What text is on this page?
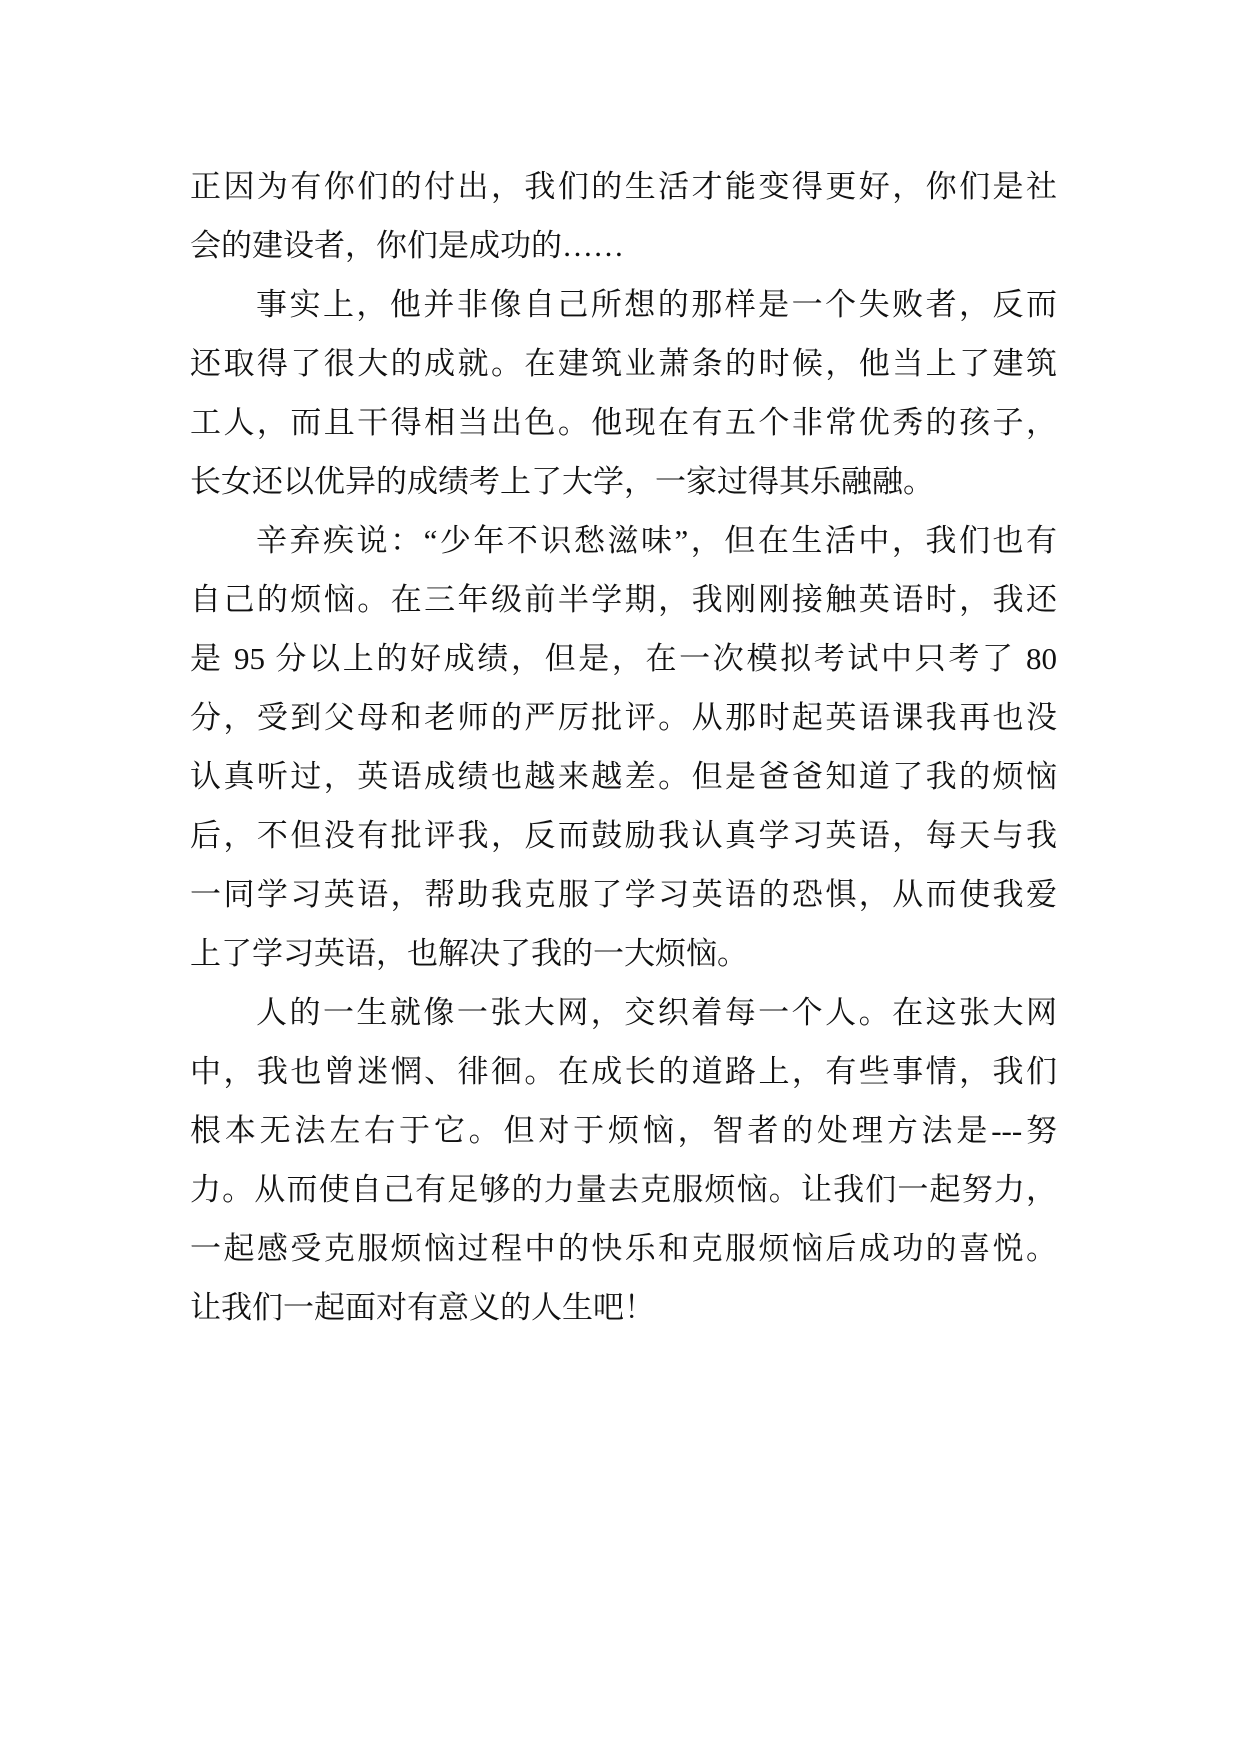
正因为有你们的付出，我们的生活才能变得更好，你们是社
会的建设者，你们是成功的……
事实上，他并非像自己所想的那样是一个失败者，反而
还取得了很大的成就。在建筑业萧条的时候，他当上了建筑
工人，而且干得相当出色。他现在有五个非常优秀的孩子，
长女还以优异的成绩考上了大学，一家过得其乐融融。
辛弃疾说：“少年不识愁滋味”，但在生活中，我们也有
自己的烦恼。在三年级前半学期，我刚刚接触英语时，我还
是 95 分以上的好成绩，但是，在一次模拟考试中只考了 80
分，受到父母和老师的严厉批评。从那时起英语课我再也没
认真听过，英语成绩也越来越差。但是爸爸知道了我的烦恼
后，不但没有批评我，反而鼓励我认真学习英语，每天与我
一同学习英语，帮助我克服了学习英语的恐惧，从而使我爱
上了学习英语，也解决了我的一大烦恼。
人的一生就像一张大网，交织着每一个人。在这张大网
中，我也曾迷惘、徘徊。在成长的道路上，有些事情，我们
根本无法左右于它。但对于烦恼，智者的处理方法是---努
力。从而使自己有足够的力量去克服烦恼。让我们一起努力，
一起感受克服烦恼过程中的快乐和克服烦恼后成功的喜悦。
让我们一起面对有意义的人生吧！
